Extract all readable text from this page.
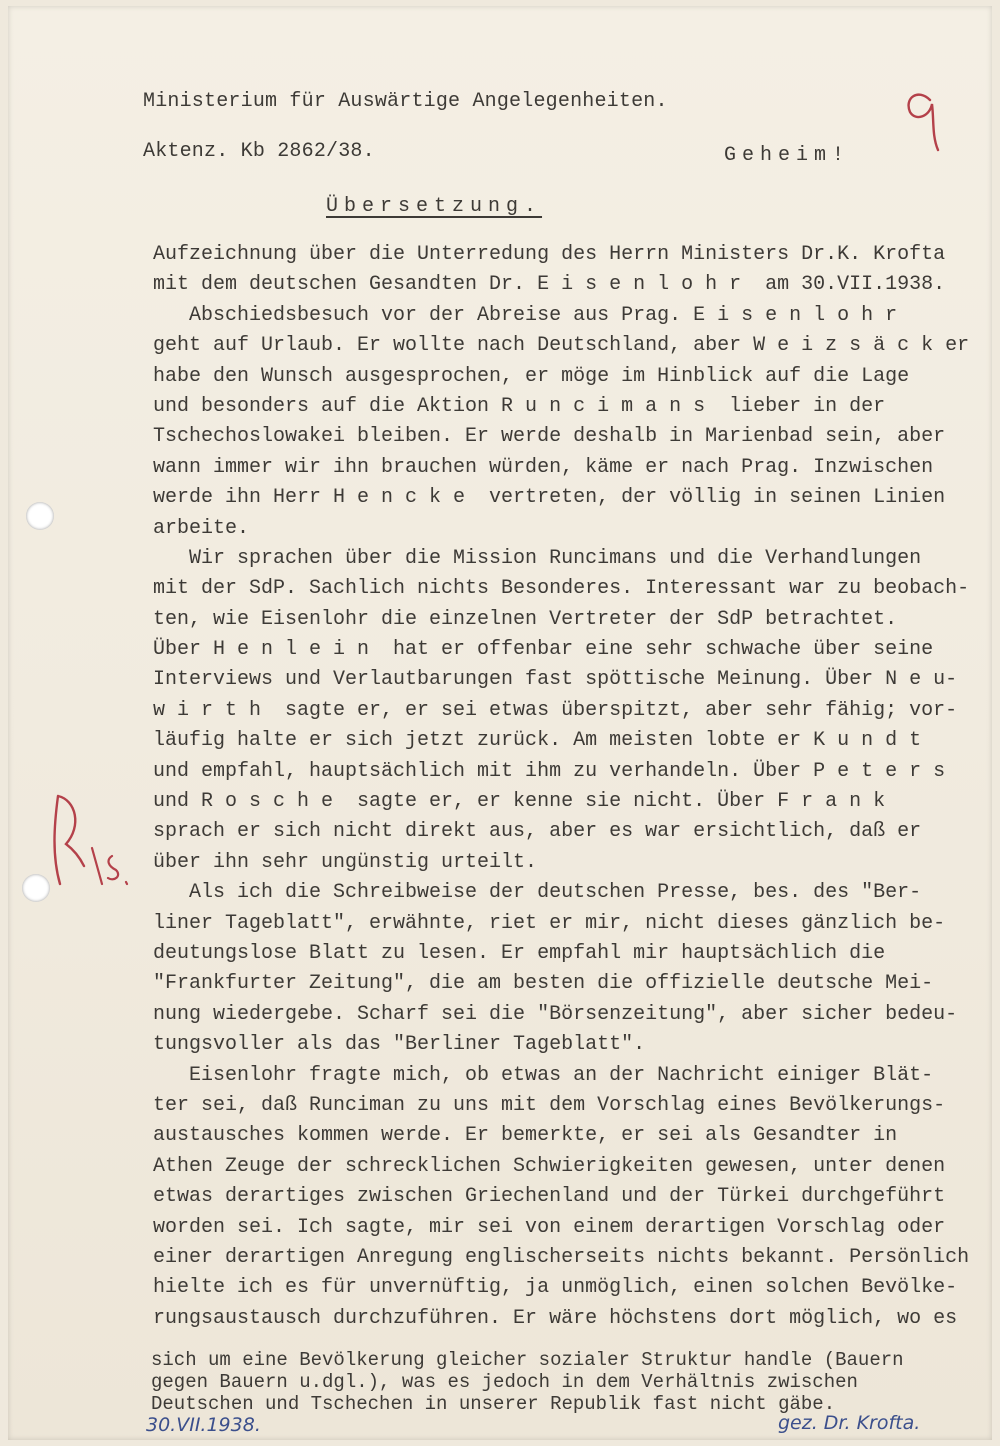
Ministerium für Auswärtige Angelegenheiten.
Aktenz. Kb 2862/38.	Geheim!
Übersetzung.
Aufzeichnung über die Unterredung des Herrn Ministers Dr.K. Krofta
mit dem deutschen Gesandten Dr. E i s e n l o h r  am 30.VII.1938.
Abschiedsbesuch vor der Abreise aus Prag. E i s e n l o h r
geht auf Urlaub. Er wollte nach Deutschland, aber W e i z s ä c k er
habe den Wunsch ausgesprochen, er möge im Hinblick auf die Lage
und besonders auf die Aktion R u n c i m a n s  lieber in der
Tschechoslowakei bleiben. Er werde deshalb in Marienbad sein, aber
wann immer wir ihn brauchen würden, käme er nach Prag. Inzwischen
werde ihn Herr H e n c k e  vertreten, der völlig in seinen Linien
arbeite.
Wir sprachen über die Mission Runcimans und die Verhandlungen
mit der SdP. Sachlich nichts Besonderes. Interessant war zu beobach-
ten, wie Eisenlohr die einzelnen Vertreter der SdP betrachtet.
Über H e n l e i n  hat er offenbar eine sehr schwache über seine
Interviews und Verlautbarungen fast spöttische Meinung. Über N e u-
w i r t h  sagte er, er sei etwas überspitzt, aber sehr fähig; vor-
läufig halte er sich jetzt zurück. Am meisten lobte er K u n d t
und empfahl, hauptsächlich mit ihm zu verhandeln. Über P e t e r s
und R o s c h e  sagte er, er kenne sie nicht. Über F r a n k
sprach er sich nicht direkt aus, aber es war ersichtlich, daß er
über ihn sehr ungünstig urteilt.
Als ich die Schreibweise der deutschen Presse, bes. des "Ber-
liner Tageblatt", erwähnte, riet er mir, nicht dieses gänzlich be-
deutungslose Blatt zu lesen. Er empfahl mir hauptsächlich die
"Frankfurter Zeitung", die am besten die offizielle deutsche Mei-
nung wiedergebe. Scharf sei die "Börsenzeitung", aber sicher bedeu-
tungsvoller als das "Berliner Tageblatt".
Eisenlohr fragte mich, ob etwas an der Nachricht einiger Blät-
ter sei, daß Runciman zu uns mit dem Vorschlag eines Bevölkerungs-
austausches kommen werde. Er bemerkte, er sei als Gesandter in
Athen Zeuge der schrecklichen Schwierigkeiten gewesen, unter denen
etwas derartiges zwischen Griechenland und der Türkei durchgeführt
worden sei. Ich sagte, mir sei von einem derartigen Vorschlag oder
einer derartigen Anregung englischerseits nichts bekannt. Persönlich
hielte ich es für unvernüftig, ja unmöglich, einen solchen Bevölke-
rungsaustausch durchzuführen. Er wäre höchstens dort möglich, wo es
sich um eine Bevölkerung gleicher sozialer Struktur handle (Bauern
gegen Bauern u.dgl.), was es jedoch in dem Verhältnis zwischen
Deutschen und Tschechen in unserer Republik fast nicht gäbe.
30.VII.1938.	gez. Dr. Krofta.
